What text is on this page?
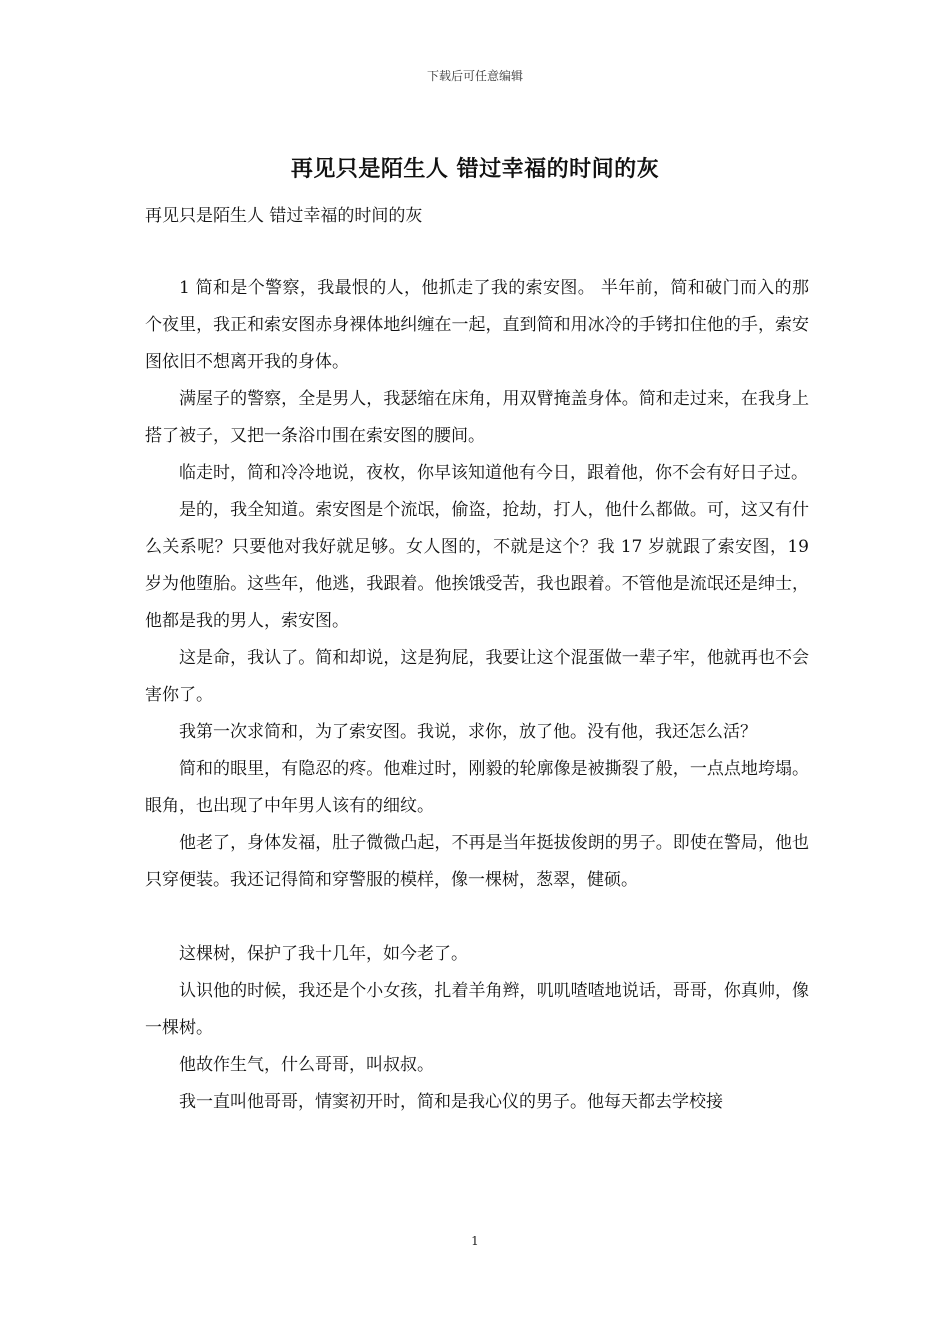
下载后可任意编辑
再见只是陌生人 错过幸福的时间的灰
再见只是陌生人 错过幸福的时间的灰

1 简和是个警察，我最恨的人，他抓走了我的索安图。 半年前，简和破门而入的那个夜里，我正和索安图赤身裸体地纠缠在一起，直到简和用冰冷的手铐扣住他的手，索安图依旧不想离开我的身体。

满屋子的警察，全是男人，我瑟缩在床角，用双臂掩盖身体。简和走过来，在我身上搭了被子，又把一条浴巾围在索安图的腰间。

临走时，简和冷冷地说，夜枚，你早该知道他有今日，跟着他，你不会有好日子过。

是的，我全知道。索安图是个流氓，偷盗，抢劫，打人，他什么都做。可，这又有什么关系呢？只要他对我好就足够。女人图的，不就是这个？我 17 岁就跟了索安图，19 岁为他堕胎。这些年，他逃，我跟着。他挨饿受苦，我也跟着。不管他是流氓还是绅士，他都是我的男人，索安图。

这是命，我认了。简和却说，这是狗屁，我要让这个混蛋做一辈子牢，他就再也不会害你了。

我第一次求简和，为了索安图。我说，求你，放了他。没有他，我还怎么活？

简和的眼里，有隐忍的疼。他难过时，刚毅的轮廓像是被撕裂了般，一点点地垮塌。眼角，也出现了中年男人该有的细纹。

他老了，身体发福，肚子微微凸起，不再是当年挺拔俊朗的男子。即使在警局，他也只穿便装。我还记得简和穿警服的模样，像一棵树，葱翠，健硕。

这棵树，保护了我十几年，如今老了。

认识他的时候，我还是个小女孩，扎着羊角辫，叽叽喳喳地说话，哥哥，你真帅，像一棵树。

他故作生气，什么哥哥，叫叔叔。

我一直叫他哥哥，情窦初开时，简和是我心仪的男子。他每天都去学校接

1
